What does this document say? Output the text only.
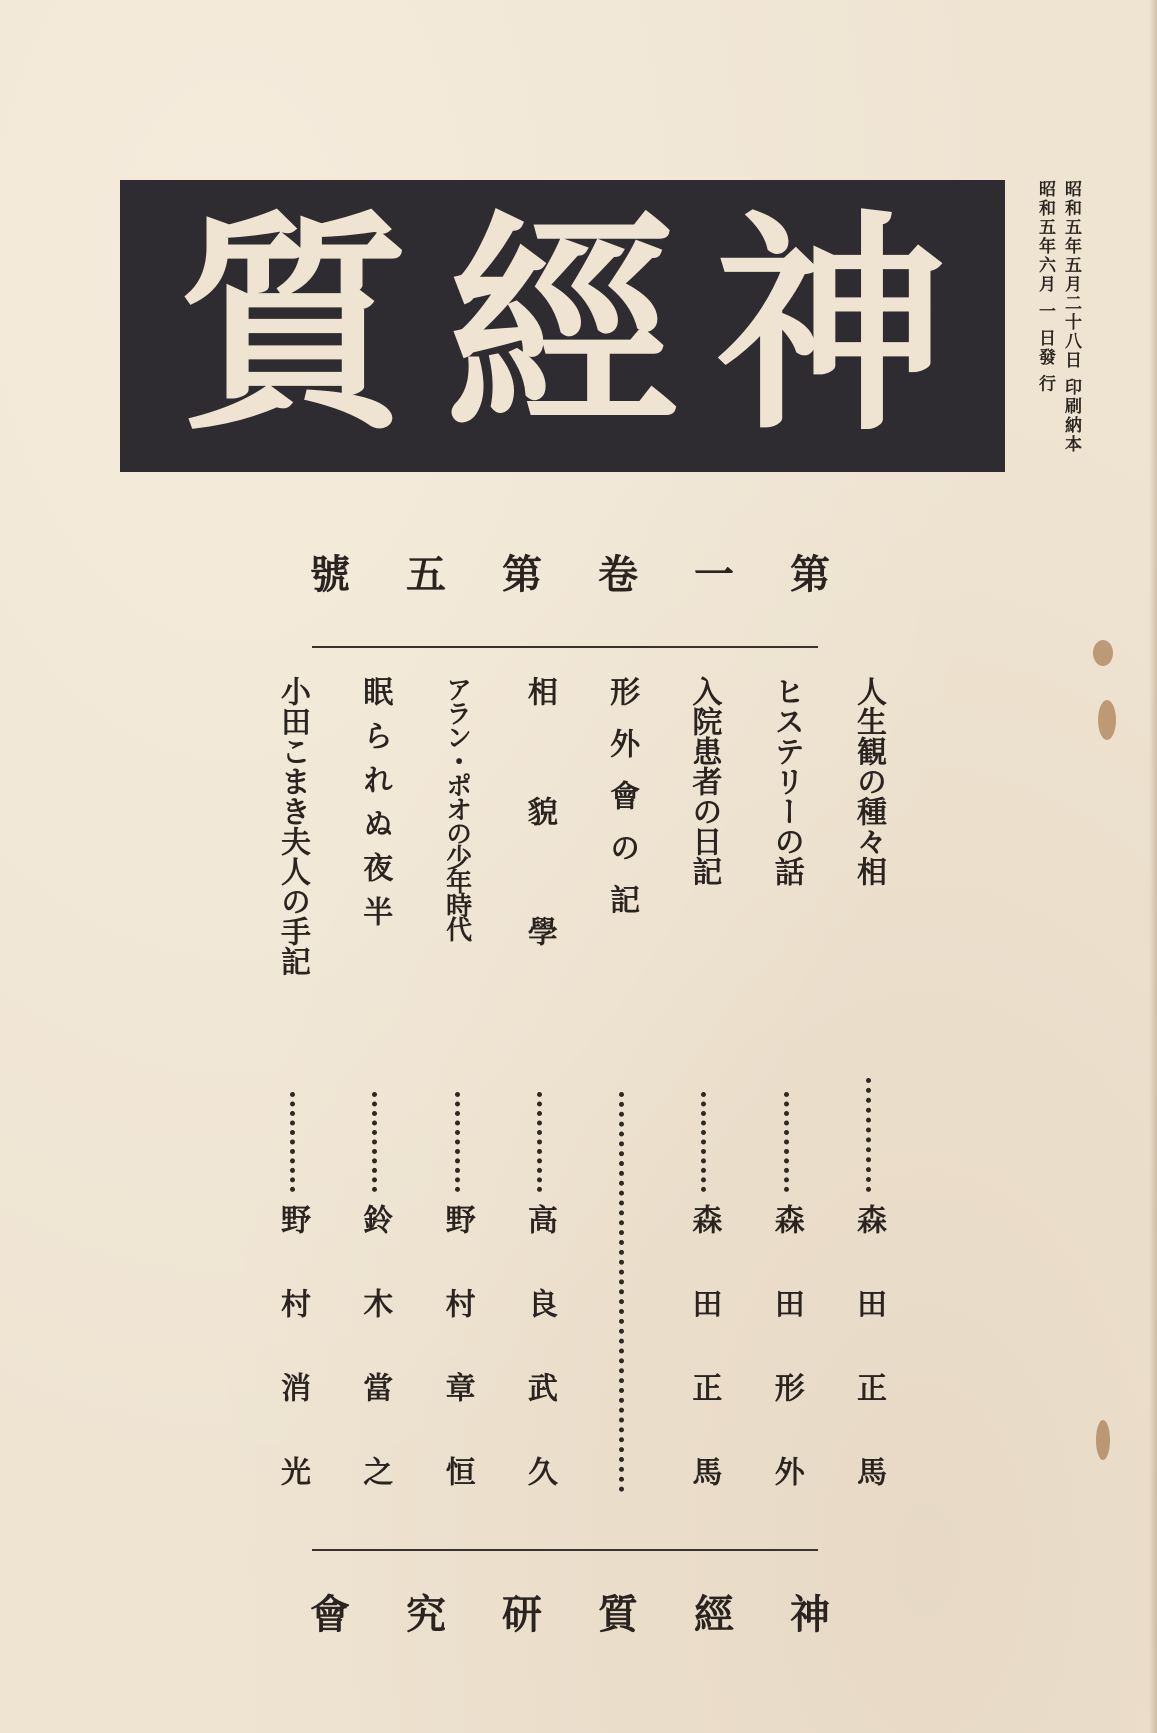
質 經 神	昭和五年五月二十八日 印刷納本
昭和五年六月 一 日發 行
號 五 第 卷 一 第
人生観の種々相
森田正馬
ヒステリーの話
森田形外
入院患者の日記
森田正馬
形外會の記
相　貌　學
高良武久
アラン・ポオの少年時代
野村章恒
眠られぬ夜半
鈴木當之
小田こまき夫人の手記
野村消光
會 究 研 質 經 神
